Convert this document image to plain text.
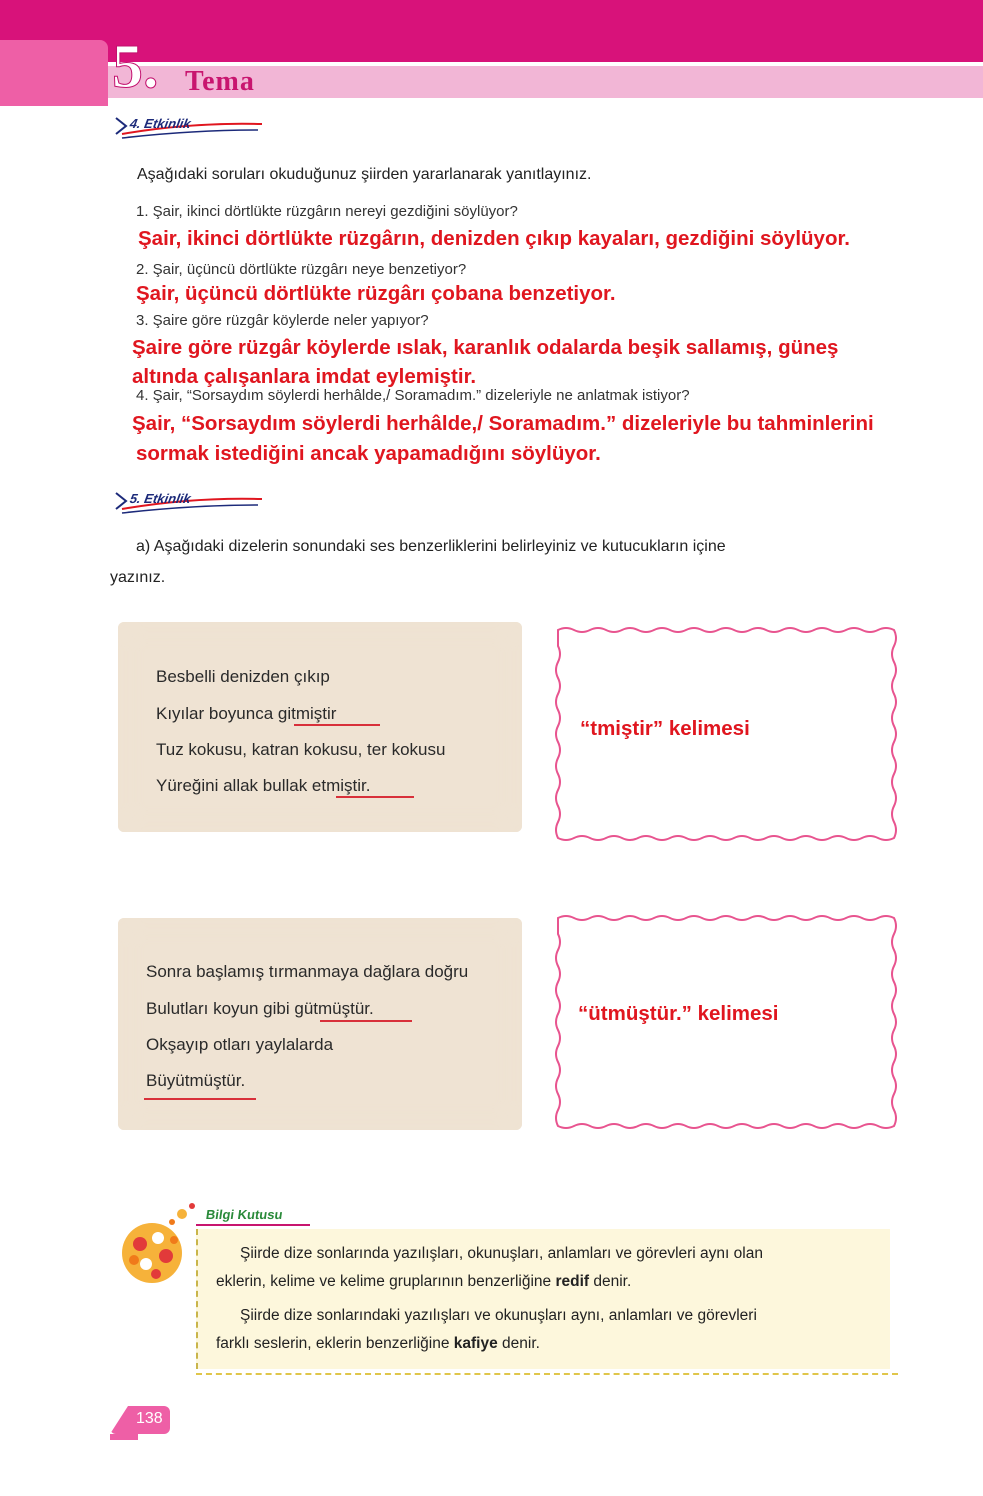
5. Tema
4. Etkinlik
Aşağıdaki soruları okuduğunuz şiirden yararlanarak yanıtlayınız.
1. Şair, ikinci dörtlükte rüzgârın nereyi gezdiğini söylüyor?
Şair, ikinci dörtlükte rüzgârın, denizden çıkıp kayaları, gezdiğini söylüyor.
2. Şair, üçüncü dörtlükte rüzgârı neye benzetiyor?
Şair, üçüncü dörtlükte rüzgârı çobana benzetiyor.
3. Şaire göre rüzgâr köylerde neler yapıyor?
Şaire göre rüzgâr köylerde ıslak, karanlık odalarda beşik sallamış, güneş
altında çalışanlara imdat eylemiştir.
4. Şair, “Sorsaydım söylerdi herhâlde,/ Soramadım.” dizeleriyle ne anlatmak istiyor?
Şair, “Sorsaydım söylerdi herhâlde,/ Soramadım.” dizeleriyle bu tahminlerini
sormak istediğini ancak yapamadığını söylüyor.
5. Etkinlik
a) Aşağıdaki dizelerin sonundaki ses benzerliklerini belirleyiniz ve kutucukların içine
yazınız.
Besbelli denizden çıkıp
Kıyılar boyunca gitmiştir
Tuz kokusu, katran kokusu, ter kokusu
Yüreğini allak bullak etmiştir.
“tmiştir” kelimesi
Sonra başlamış tırmanmaya dağlara doğru
Bulutları koyun gibi gütmüştür.
Okşayıp otları yaylalarda
Büyütmüştür.
“ütmüştür.” kelimesi
Bilgi Kutusu
Şiirde dize sonlarında yazılışları, okunuşları, anlamları ve görevleri aynı olan
eklerin, kelime ve kelime gruplarının benzerliğine redif denir.
Şiirde dize sonlarındaki yazılışları ve okunuşları aynı, anlamları ve görevleri
farklı seslerin, eklerin benzerliğine kafiye denir.
138
